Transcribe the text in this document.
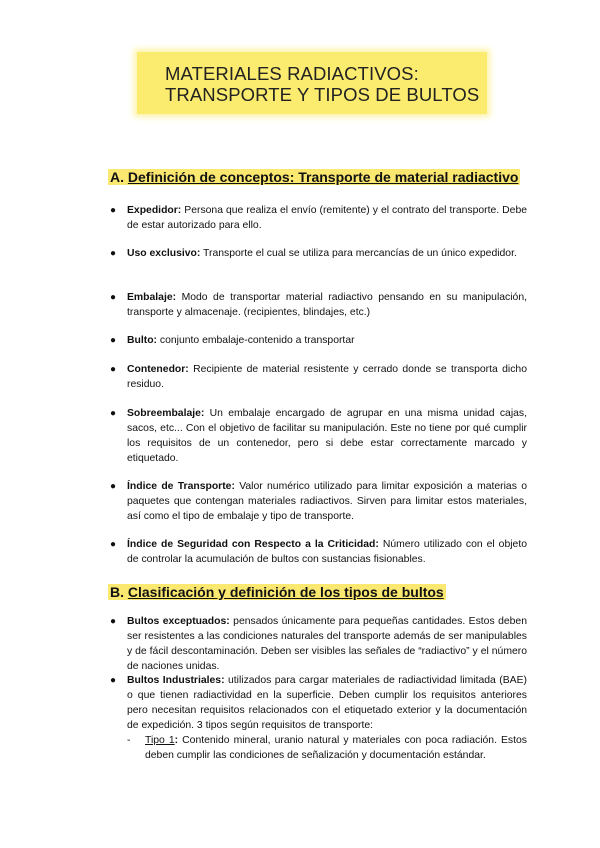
MATERIALES RADIACTIVOS:
TRANSPORTE Y TIPOS DE BULTOS
A. Definición de conceptos: Transporte de material radiactivo
● Expedidor: Persona que realiza el envío (remitente) y el contrato del transporte. Debe de estar autorizado para ello.
● Uso exclusivo: Transporte el cual se utiliza para mercancías de un único expedidor.
● Embalaje: Modo de transportar material radiactivo pensando en su manipulación, transporte y almacenaje. (recipientes, blindajes, etc.)
● Bulto: conjunto embalaje-contenido a transportar
● Contenedor: Recipiente de material resistente y cerrado donde se transporta dicho residuo.
● Sobreembalaje: Un embalaje encargado de agrupar en una misma unidad cajas, sacos, etc... Con el objetivo de facilitar su manipulación. Este no tiene por qué cumplir los requisitos de un contenedor, pero si debe estar correctamente marcado y etiquetado.
● Índice de Transporte: Valor numérico utilizado para limitar exposición a materias o paquetes que contengan materiales radiactivos. Sirven para limitar estos materiales, así como el tipo de embalaje y tipo de transporte.
● Índice de Seguridad con Respecto a la Criticidad: Número utilizado con el objeto de controlar la acumulación de bultos con sustancias fisionables.
B. Clasificación y definición de los tipos de bultos
● Bultos exceptuados: pensados únicamente para pequeñas cantidades. Estos deben ser resistentes a las condiciones naturales del transporte además de ser manipulables y de fácil descontaminación. Deben ser visibles las señales de “radiactivo” y el número de naciones unidas.
● Bultos Industriales: utilizados para cargar materiales de radiactividad limitada (BAE) o que tienen radiactividad en la superficie. Deben cumplir los requisitos anteriores pero necesitan requisitos relacionados con el etiquetado exterior y la documentación de expedición. 3 tipos según requisitos de transporte:
- Tipo 1: Contenido mineral, uranio natural y materiales con poca radiación. Estos deben cumplir las condiciones de señalización y documentación estándar.
